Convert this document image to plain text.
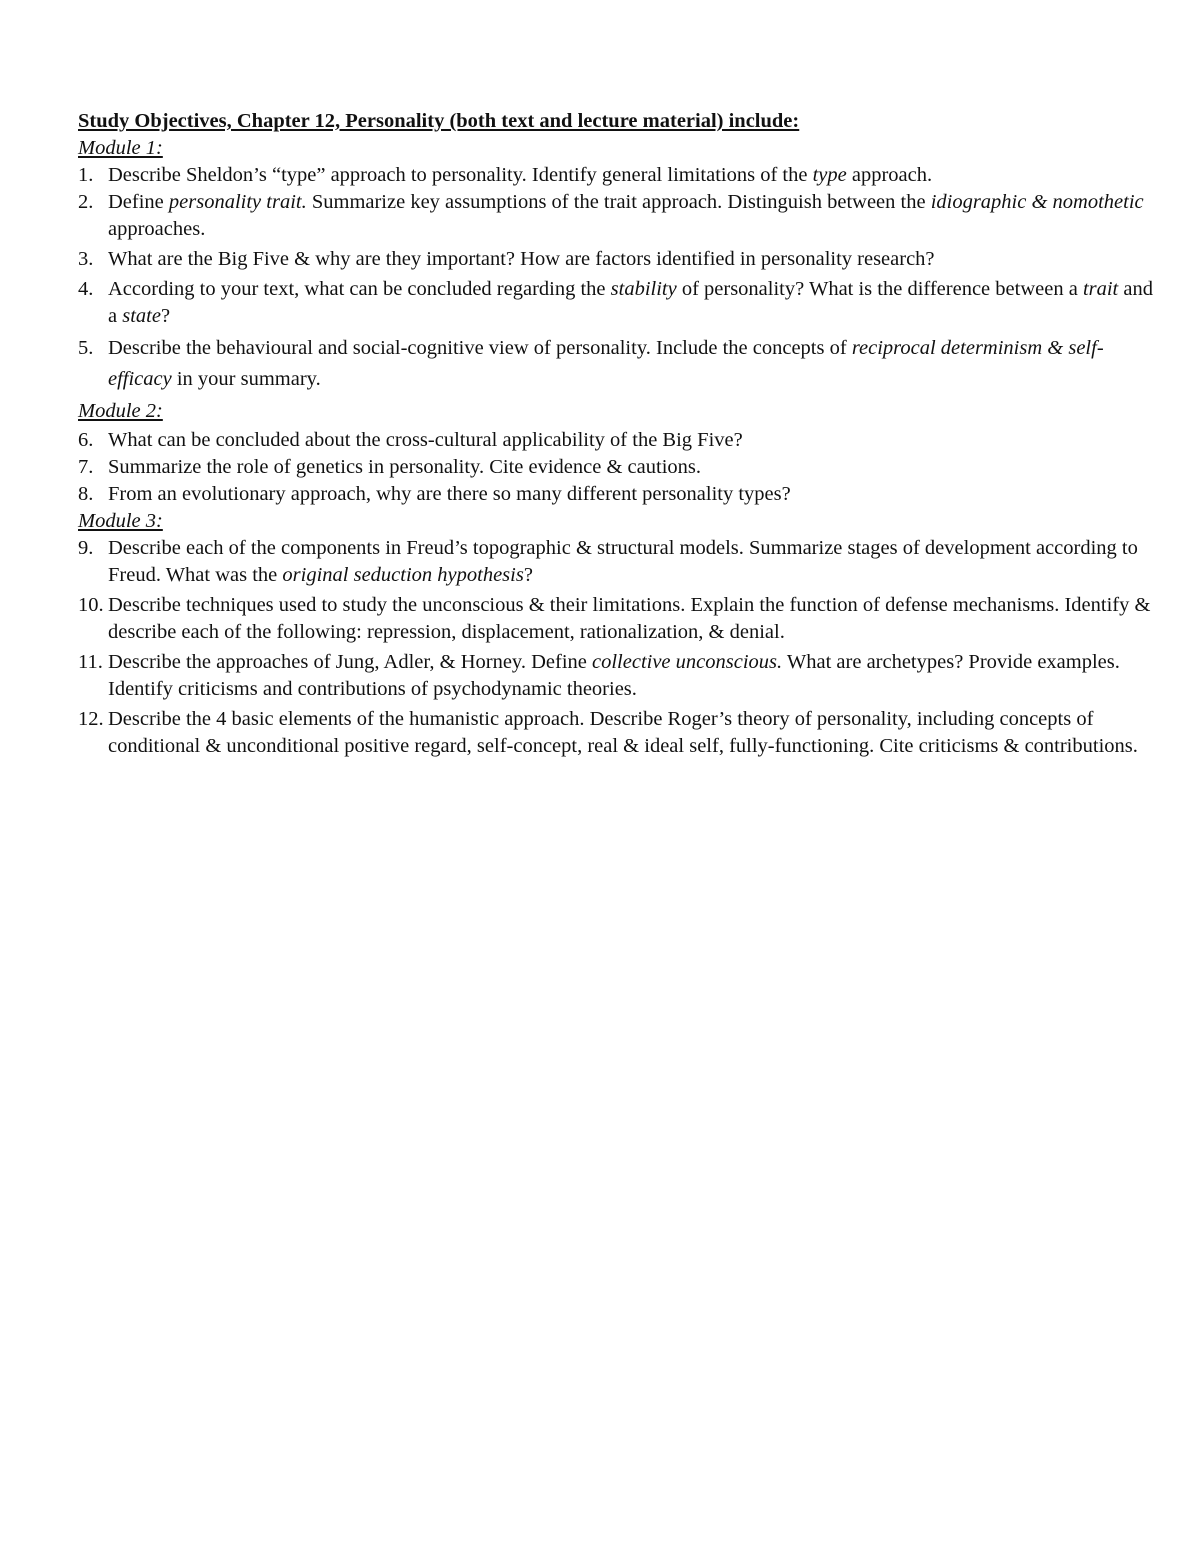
Study Objectives, Chapter 12, Personality (both text and lecture material) include:
Module 1:
1. Describe Sheldon’s “type” approach to personality. Identify general limitations of the type approach.
2. Define personality trait. Summarize key assumptions of the trait approach. Distinguish between the idiographic & nomothetic approaches.
3. What are the Big Five & why are they important? How are factors identified in personality research?
4. According to your text, what can be concluded regarding the stability of personality? What is the difference between a trait and a state?
5. Describe the behavioural and social-cognitive view of personality. Include the concepts of reciprocal determinism & self-efficacy in your summary.
Module 2:
6. What can be concluded about the cross-cultural applicability of the Big Five?
7. Summarize the role of genetics in personality. Cite evidence & cautions.
8. From an evolutionary approach, why are there so many different personality types?
Module 3:
9. Describe each of the components in Freud’s topographic & structural models. Summarize stages of development according to Freud. What was the original seduction hypothesis?
10. Describe techniques used to study the unconscious & their limitations. Explain the function of defense mechanisms. Identify & describe each of the following: repression, displacement, rationalization, & denial.
11. Describe the approaches of Jung, Adler, & Horney. Define collective unconscious. What are archetypes? Provide examples. Identify criticisms and contributions of psychodynamic theories.
12. Describe the 4 basic elements of the humanistic approach. Describe Roger’s theory of personality, including concepts of conditional & unconditional positive regard, self-concept, real & ideal self, fully-functioning. Cite criticisms & contributions.
